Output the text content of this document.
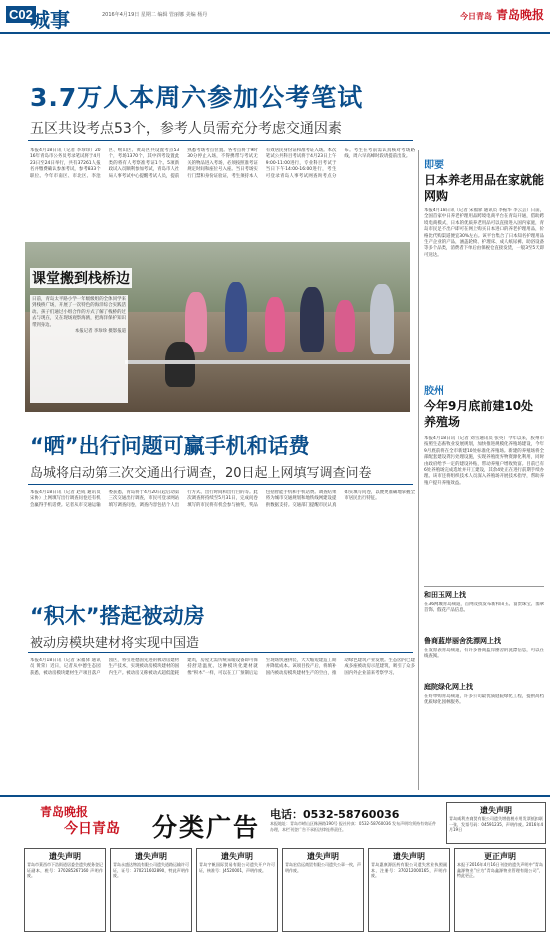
C02
城事	2016年4月19日 星期二 编辑 管丽娜 美编 杨丹	今日青岛 青岛晚报
3.7万人本周六参加公考笔试
五区共设考点53个，参考人员需充分考虑交通因素
本报4月18日讯（记者 李珍珍）2016年青岛市公务员考录笔试将于4月23日至24日举行，共有37261人报名并缴费确认参加考试，参考833个职位。今年市南区、市北区、李沧区、崂山区、黄岛区共设置考点53个，考场1370个，其中四考设置此类的将有人考察准考证1个。5项新政试入员顺利参加考试，青岛市人社局人事考试中心提醒考试人员，提前熟悉考场考点位置。各考点将于9时30分停止入场，不得携带与考试无关的物品进入考场，必须按照准考证规定时间和座位号入座。当日考场实行门禁和身份证验证，考生须持本人有效居民身份证和准考证入场。本次笔试公共科目考试将于4月23日上午9:00-11:00进行，专业科目考试于当日下午14:00-16:00进行，考生可登录青岛人事考试网查询考点分布。考生在考前需认真核对考场路线，周六早高峰时段请提前出发。
课堂搬到栈桥边
日前，青岛太平路小学一年级级组的全体同学来到栈桥广场，开展了一次特色的海洋综合实践活动。孩子们通过小组合作的方式了解了栈桥的过去与现在，又在现场观察海鸥，把海洋保护知识带到身边。

本报记者 李珍珍 摄影报道
“晒”出行问题可赢手机和话费
岛城将启动第三次交通出行调查，20日起上网填写调查问卷
本报4月18日讯（记者 赵成 通讯员 宋协）上网填写出行调查问卷还有机会赢得手机话费。记者从市交通运输委获悉，青岛将于4月20日起启动第三次交通出行调查，市民可登录网站填写调查问卷，调查内容包括个人出行方式、出行时间和出行目的等。此次调查将持续至5月31日，完成问卷填写的市民将有机会参与抽奖，奖品包括智能手机和手机话费。调查结果将为城市交通规划和地铁线网建设提供数据支持。交通部门提醒市民认真如实填写问卷，以便更准确地掌握全市居民出行特征。
“积木”搭起被动房
被动房模块建材将实现中国造
本报4月18日讯（记者 宋福驿 通讯员 黄荣）近日，记者从中德生态园获悉，被动房模块建材生产项目落户园区，将引进德国先进的被动房建材生产技术，实现被动房模块建材的国内生产。被动房又称被动式超低能耗建筑，房屋无需传统采暖设备即可保持舒适温度。这种模块化建材就像“积木”一样，可以在工厂预制后运至现场快速拼装，大大缩短建造工期并降低成本。该项目投产后，将填补国内被动房模块建材生产的空白，推动绿色建筑产业发展。生态园内已建成多座被动房示范建筑，吸引了众多国内外企业前来考察学习。
即要
日本养老用品在家就能网购
本报4月18日讯（记者 宋福驿 通讯员 李振华 李云芸）日前，全国首家中日养老护理用品跨境电商平台在青岛开通，借助跨境电商模式，日本的优质养老用品可以直接进入国内家庭，青岛市民足不出户即可在网上购买日本进口的养老护理用品，价格比代购渠道便宜30%左右。该平台集合了日本知名护理用品生产企业的产品，涵盖轮椅、护理床、成人纸尿裤、助浴设备等多个品类，消费者下单后由保税仓直接发货，一般3至5天即可送达。
胶州
今年9月底前建10处养殖场
本报4月18日讯（记者 刘雪通讯员 张英）今年以来，胶州市按照生态畜牧业发展规划，加快推进规模化养殖场建设，今年9月底前将在全市新建10处标准化养殖场。新建的养殖场将全部配套建设粪污处理设施，实现养殖废弃物资源化利用，同时由政府给予一定的建设补贴，带动养殖户增收致富。目前已有6处养殖场完成选址并开工建设，其余4处正在进行前期手续办理。该市还将组织技术人员深入养殖场开展技术指导，帮助养殖户提升养殖效益。
和田玉网上找
在36网城青岛频道，首网及找发布新和田玉、富贵珠宝、翡翠首饰、假花产品信息。
鲁商蓝岸丽舍洗漂网上找
在发原表青岛频道，有许多鲁商蓝岸丽舍的洗漂信息，可以在线查阅。
庭院绿化网上找
在好单购青岛频道，许多公司最优质庭院绿化工程，提供高档优质绿化园林服务。
青岛晚报
今日青岛 分类广告 电话：0532-58760036
本报地址：青岛市崂山区株洲路190号 报社传真：0532-58760036 发布声明均须持有效证件办理，本栏刊登广告不承担法律连带责任。
遗失声明
青岛威利杰商贸有限公司遗失增值税专用发票抵扣联一张，发票号码：04591235，声明作废。2016年4月19日
遗失声明
青岛市莱西市下浩街道居委会遗失税务登记证副本，税号：370285267160 声明作废。
遗失声明
青岛永盛达物流有限公司遗失道路运输许可证，证号：370211602890，特此声明作废。
遗失声明
青岛宇帆国际贸易有限公司遗失开户许可证，核准号：J4520001，声明作废。
遗失声明
青岛宏信远商贸有限公司遗失公章一枚，声明作废。
遗失声明
青岛惠康源医药有限公司遗失营业执照副本，注册号：370212000165，声明作废。
更正声明
本报于2016年4月16日刊登的遗失声明中“青岛鑫源物业”应为“青岛鑫源物业管理有限公司”，特此更正。
